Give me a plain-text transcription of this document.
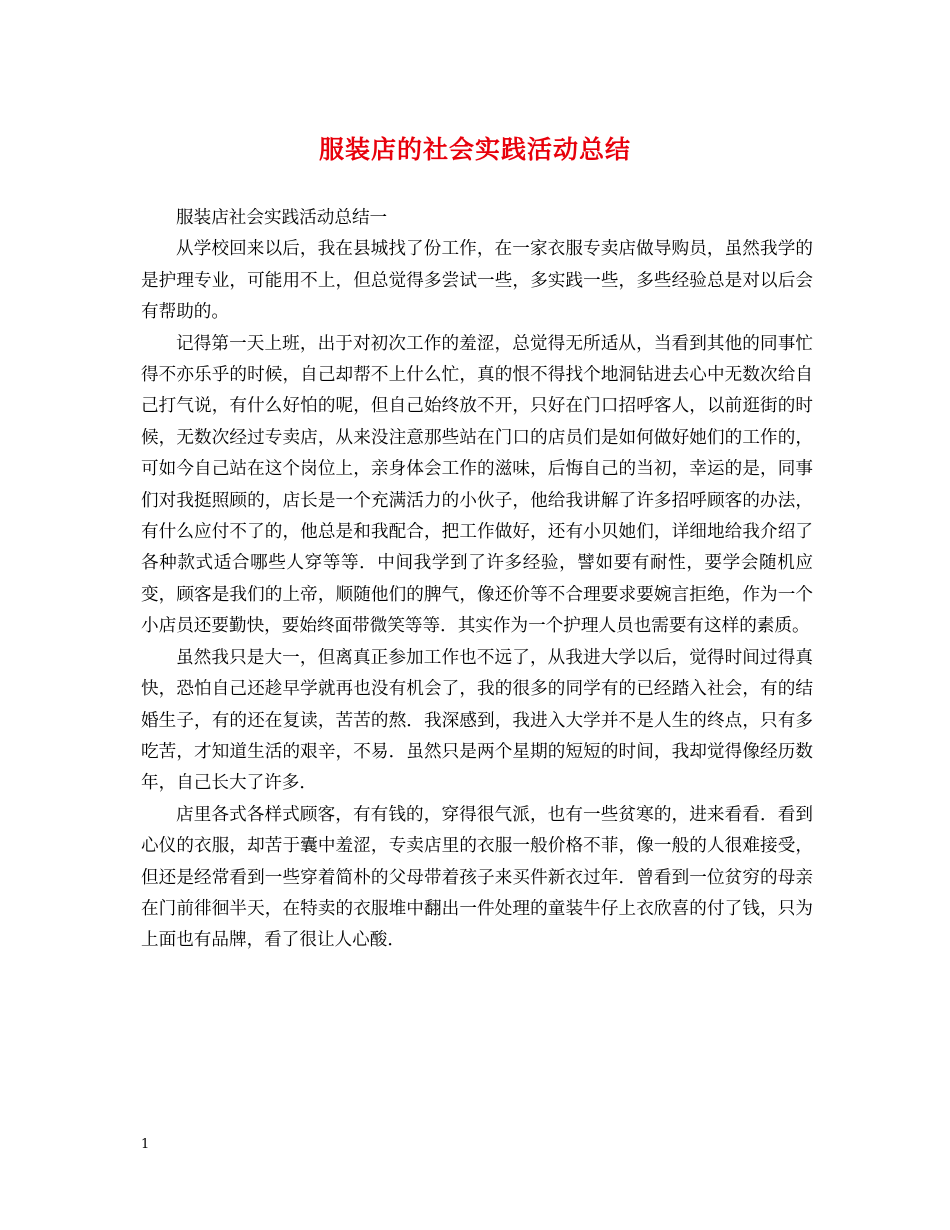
服装店的社会实践活动总结

服装店社会实践活动总结一

从学校回来以后，我在县城找了份工作，在一家衣服专卖店做导购员，虽然我学的是护理专业，可能用不上，但总觉得多尝试一些，多实践一些，多些经验总是对以后会有帮助的。

记得第一天上班，出于对初次工作的羞涩，总觉得无所适从，当看到其他的同事忙得不亦乐乎的时候，自己却帮不上什么忙，真的恨不得找个地洞钻进去心中无数次给自己打气说，有什么好怕的呢，但自己始终放不开，只好在门口招呼客人，以前逛街的时候，无数次经过专卖店，从来没注意那些站在门口的店员们是如何做好她们的工作的，可如今自己站在这个岗位上，亲身体会工作的滋味，后悔自己的当初，幸运的是，同事们对我挺照顾的，店长是一个充满活力的小伙子，他给我讲解了许多招呼顾客的办法，有什么应付不了的，他总是和我配合，把工作做好，还有小贝她们，详细地给我介绍了各种款式适合哪些人穿等等．中间我学到了许多经验，譬如要有耐性，要学会随机应变，顾客是我们的上帝，顺随他们的脾气，像还价等不合理要求要婉言拒绝，作为一个小店员还要勤快，要始终面带微笑等等．其实作为一个护理人员也需要有这样的素质。

虽然我只是大一，但离真正参加工作也不远了，从我进大学以后，觉得时间过得真快，恐怕自己还趁早学就再也没有机会了，我的很多的同学有的已经踏入社会，有的结婚生子，有的还在复读，苦苦的熬．我深感到，我进入大学并不是人生的终点，只有多吃苦，才知道生活的艰辛，不易．虽然只是两个星期的短短的时间，我却觉得像经历数年，自己长大了许多．

店里各式各样式顾客，有有钱的，穿得很气派，也有一些贫寒的，进来看看．看到心仪的衣服，却苦于囊中羞涩，专卖店里的衣服一般价格不菲，像一般的人很难接受，但还是经常看到一些穿着简朴的父母带着孩子来买件新衣过年．曾看到一位贫穷的母亲在门前徘徊半天，在特卖的衣服堆中翻出一件处理的童装牛仔上衣欣喜的付了钱，只为上面也有品牌，看了很让人心酸．

1
